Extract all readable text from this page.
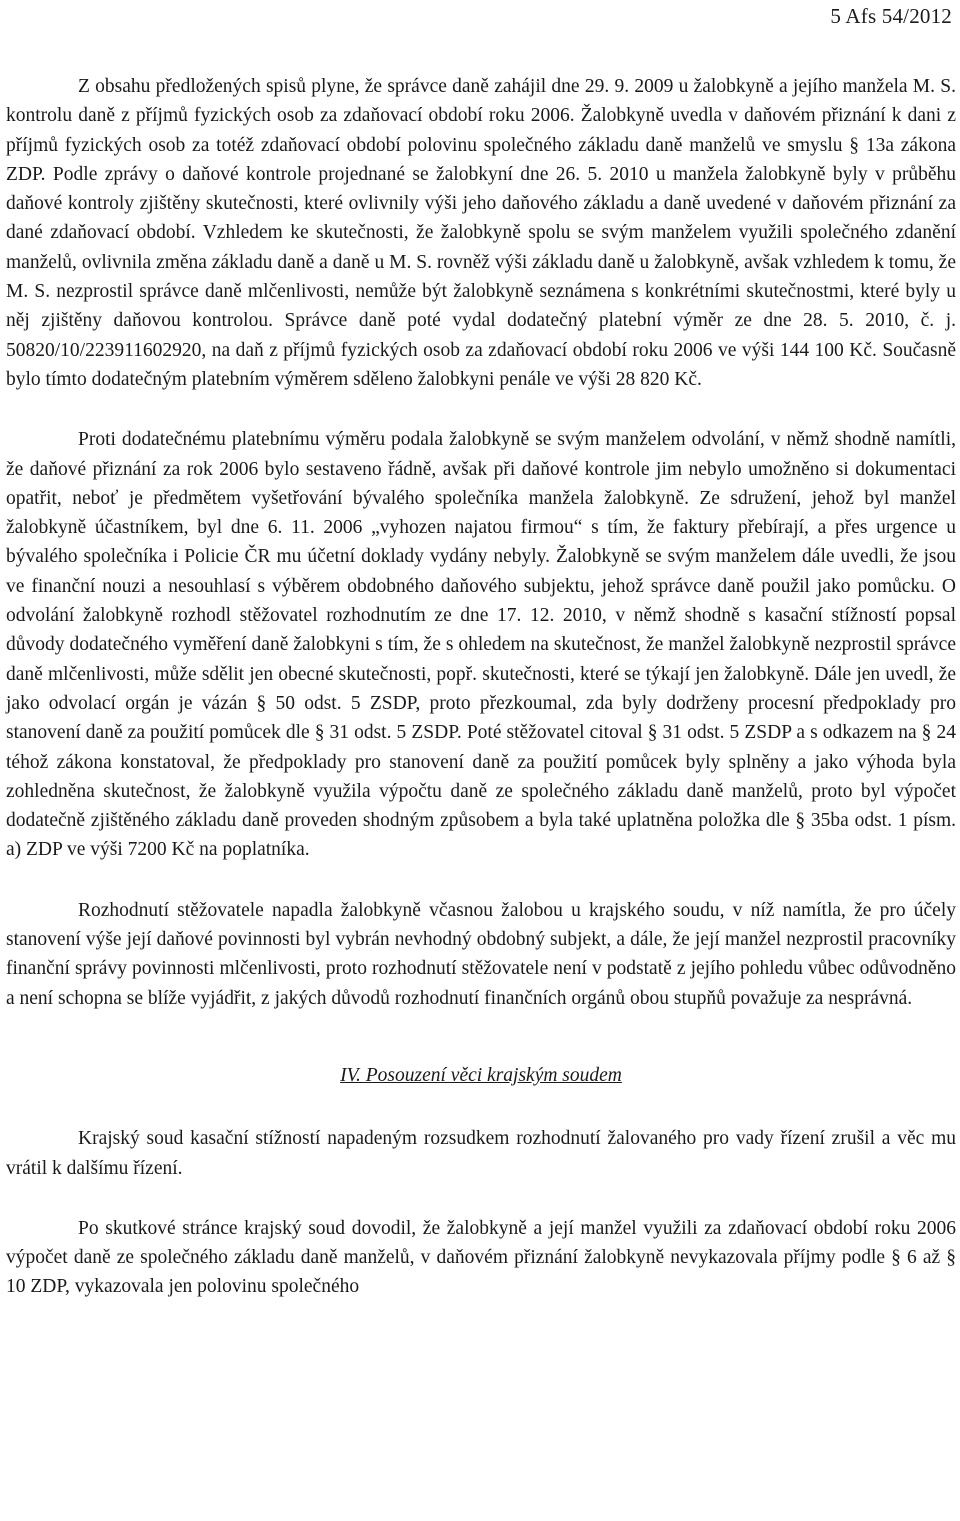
5 Afs 54/2012

Z obsahu předložených spisů plyne, že správce daně zahájil dne 29. 9. 2009 u žalobkyně a jejího manžela M. S. kontrolu daně z příjmů fyzických osob za zdaňovací období roku 2006. Žalobkyně uvedla v daňovém přiznání k dani z příjmů fyzických osob za totéž zdaňovací období polovinu společného základu daně manželů ve smyslu § 13a zákona ZDP. Podle zprávy o daňové kontrole projednané se žalobkyní dne 26. 5. 2010 u manžela žalobkyně byly v průběhu daňové kontroly zjištěny skutečnosti, které ovlivnily výši jeho daňového základu a daně uvedené v daňovém přiznání za dané zdaňovací období. Vzhledem ke skutečnosti, že žalobkyně spolu se svým manželem využili společného zdanění manželů, ovlivnila změna základu daně a daně u M. S. rovněž výši základu daně u žalobkyně, avšak vzhledem k tomu, že M. S. nezprostil správce daně mlčenlivosti, nemůže být žalobkyně seznámena s konkrétními skutečnostmi, které byly u něj zjištěny daňovou kontrolou. Správce daně poté vydal dodatečný platební výměr ze dne 28. 5. 2010, č. j. 50820/10/223911602920, na daň z příjmů fyzických osob za zdaňovací období roku 2006 ve výši 144 100 Kč. Současně bylo tímto dodatečným platebním výměrem sděleno žalobkyni penále ve výši 28 820 Kč.

Proti dodatečnému platebnímu výměru podala žalobkyně se svým manželem odvolání, v němž shodně namítli, že daňové přiznání za rok 2006 bylo sestaveno řádně, avšak při daňové kontrole jim nebylo umožněno si dokumentaci opatřit, neboť je předmětem vyšetřování bývalého společníka manžela žalobkyně. Ze sdružení, jehož byl manžel žalobkyně účastníkem, byl dne 6. 11. 2006 „vyhozen najatou firmou“ s tím, že faktury přebírají, a přes urgence u bývalého společníka i Policie ČR mu účetní doklady vydány nebyly. Žalobkyně se svým manželem dále uvedli, že jsou ve finanční nouzi a nesouhlasí s výběrem obdobného daňového subjektu, jehož správce daně použil jako pomůcku. O odvolání žalobkyně rozhodl stěžovatel rozhodnutím ze dne 17. 12. 2010, v němž shodně s kasační stížností popsal důvody dodatečného vyměření daně žalobkyni s tím, že s ohledem na skutečnost, že manžel žalobkyně nezprostil správce daně mlčenlivosti, může sdělit jen obecné skutečnosti, popř. skutečnosti, které se týkají jen žalobkyně. Dále jen uvedl, že jako odvolací orgán je vázán § 50 odst. 5 ZSDP, proto přezkoumal, zda byly dodrženy procesní předpoklady pro stanovení daně za použití pomůcek dle § 31 odst. 5 ZSDP. Poté stěžovatel citoval § 31 odst. 5 ZSDP a s odkazem na § 24 téhož zákona konstatoval, že předpoklady pro stanovení daně za použití pomůcek byly splněny a jako výhoda byla zohledněna skutečnost, že žalobkyně využila výpočtu daně ze společného základu daně manželů, proto byl výpočet dodatečně zjištěného základu daně proveden shodným způsobem a byla také uplatněna položka dle § 35ba odst. 1 písm. a) ZDP ve výši 7200 Kč na poplatníka.

Rozhodnutí stěžovatele napadla žalobkyně včasnou žalobou u krajského soudu, v níž namítla, že pro účely stanovení výše její daňové povinnosti byl vybrán nevhodný obdobný subjekt, a dále, že její manžel nezprostil pracovníky finanční správy povinnosti mlčenlivosti, proto rozhodnutí stěžovatele není v podstatě z jejího pohledu vůbec odůvodněno a není schopna se blíže vyjádřit, z jakých důvodů rozhodnutí finančních orgánů obou stupňů považuje za nesprávná.

IV. Posouzení věci krajským soudem

Krajský soud kasační stížností napadeným rozsudkem rozhodnutí žalovaného pro vady řízení zrušil a věc mu vrátil k dalšímu řízení.

Po skutkové stránce krajský soud dovodil, že žalobkyně a její manžel využili za zdaňovací období roku 2006 výpočet daně ze společného základu daně manželů, v daňovém přiznání žalobkyně nevykazovala příjmy podle § 6 až § 10 ZDP, vykazovala jen polovinu společného
